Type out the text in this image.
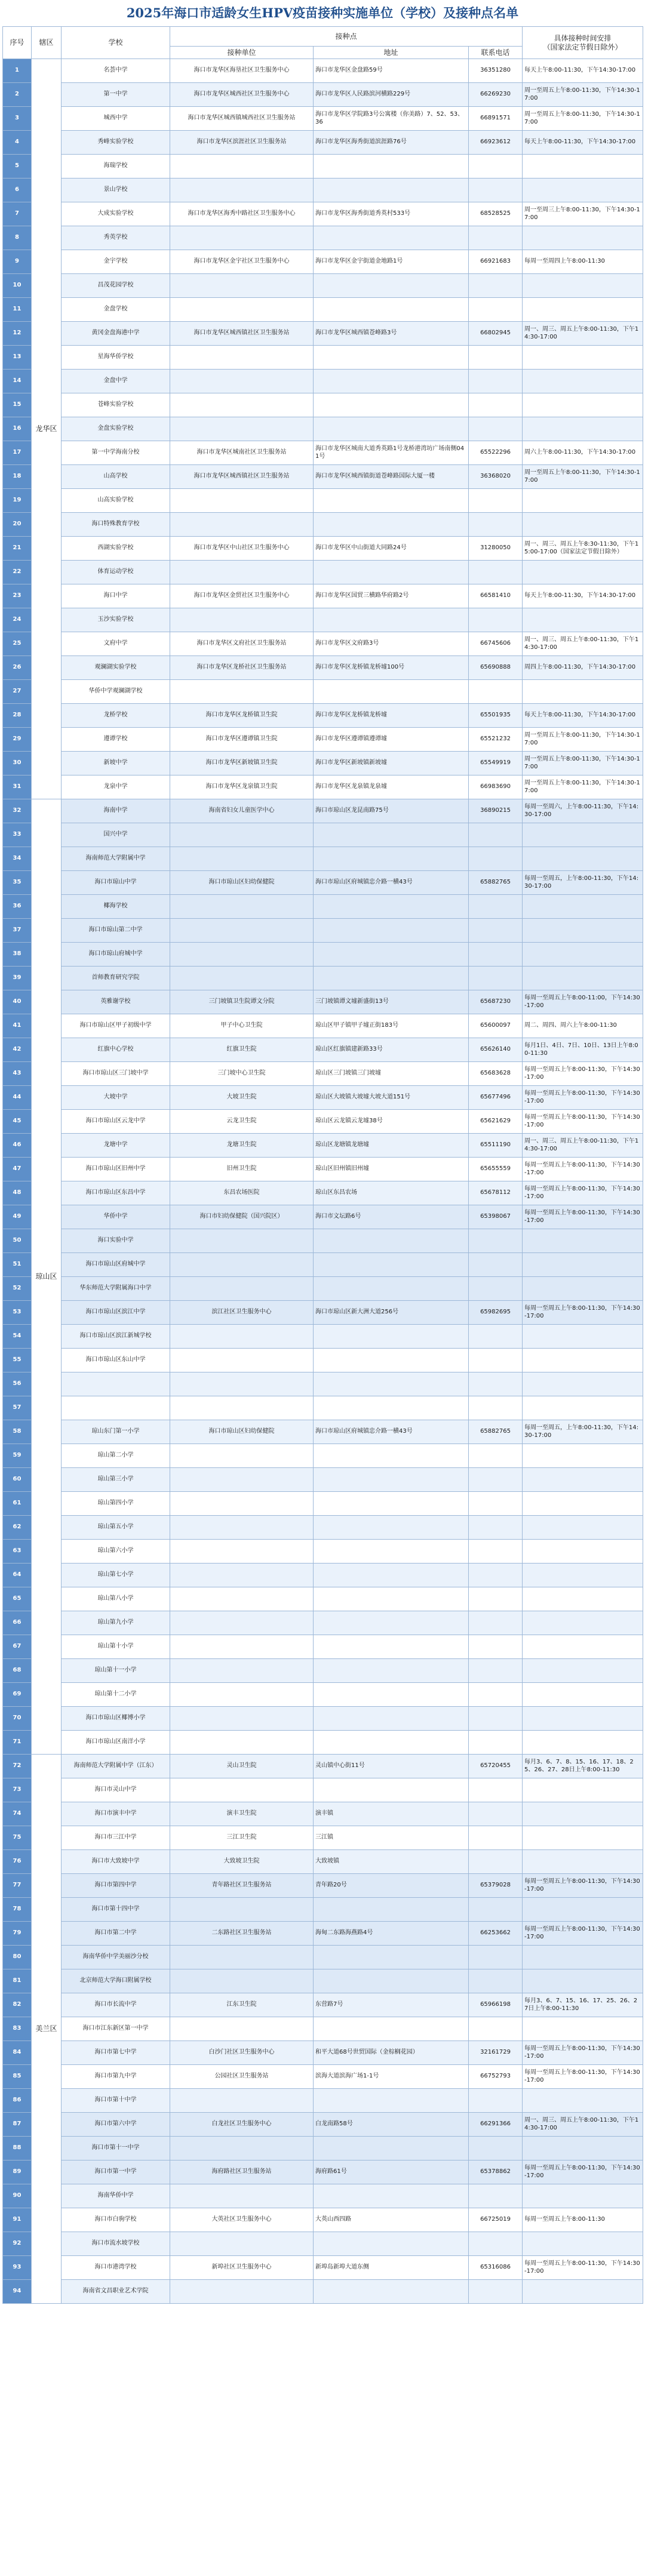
2025年海口市适龄女生HPV疫苗接种实施单位（学校）及接种点名单
序号	辖区	学校	接种点			具体接种时间安排
（国家法定节假日除外）

			接种单位	地址	联系电话	
1	龙华区	名荟中学	海口市龙华区海垦社区卫生服务中心	海口市龙华区金盘路59号	36351280	每天上午8:00-11:30，下午14:30-17:00
2		第一中学	海口市龙华区城西社区卫生服务中心	海口市龙华区人民路滨河横路229号	66269230	周一至周五上午8:00-11:30，下午14:30-17:00
3		城西中学	海口市龙华区城西镇城西社区卫生服务站	海口市龙华区学院路3号公寓楼（你美路）7、52、53、36	66891571	周一至周五上午8:00-11:30，下午14:30-17:00
4		秀峰实验学校	海口市龙华区滨涯社区卫生服务站	海口市龙华区海秀街道滨涯路76号	66923612	每天上午8:00-11:30，下午14:30-17:00
5		海瑞学校				
6		景山学校				
7		大成实验学校	海口市龙华区海秀中路社区卫生服务中心	海口市龙华区海秀街道秀英村533号	68528525	周一至周三上午8:00-11:30，下午14:30-17:00
8		秀英学校				
9		金宇学校	海口市龙华区金宇社区卫生服务中心	海口市龙华区金宇街道金地路1号	66921683	每周一至周四上午8:00-11:30
10		昌茂花园学校				
11		金盘学校				
12		黄冈金盘海港中学	海口市龙华区城西镇社区卫生服务站	海口市龙华区城西镇苍峰路3号	66802945	周一、周三、周五上午8:00-11:30，下午14:30-17:00
13		星海华侨学校				
14		金盘中学				
15		苍峰实验学校				
16		金盘实验学校				
17		第一中学海南分校	海口市龙华区城南社区卫生服务站	海口市龙华区城南大道秀英路1号龙桥港湾坊广场南侧041号	65522296	周六上午8:00-11:30，下午14:30-17:00
18		山高学校	海口市龙华区城西镇社区卫生服务站	海口市龙华区城西镇街道苍峰路国际大厦一楼	36368020	周一至周五上午8:00-11:30，下午14:30-17:00
19		山高实验学校				
20		海口特殊教育学校				
21		西湖实验学校	海口市龙华区中山社区卫生服务中心	海口市龙华区中山街道大同路24号	31280050	周一、周三、周五上午8:30-11:30，下午15:00-17:00（国家法定节假日除外）
22		体育运动学校				
23		海口中学	海口市龙华区金贸社区卫生服务中心	海口市龙华区国贸三横路华府路2号	66581410	每天上午8:00-11:30，下午14:30-17:00
24		玉沙实验学校				
25		文府中学	海口市龙华区文府社区卫生服务站	海口市龙华区文府路3号	66745606	周一、周三、周五上午8:00-11:30，下午14:30-17:00
26		观澜湖实验学校	海口市龙华区龙桥社区卫生服务站	海口市龙华区龙桥镇龙桥墟100号	65690888	周四上午8:00-11:30，下午14:30-17:00
27		华侨中学观澜湖学校				
28		龙桥学校	海口市龙华区龙桥镇卫生院	海口市龙华区龙桥镇龙桥墟	65501935	每天上午8:00-11:30，下午14:30-17:00
29		遵谭学校	海口市龙华区遵谭镇卫生院	海口市龙华区遵谭镇遵谭墟	65521232	周一至周五上午8:00-11:30，下午14:30-17:00
30		新坡中学	海口市龙华区新坡镇卫生院	海口市龙华区新坡镇新坡墟	65549919	周一至周五上午8:00-11:30，下午14:30-17:00
31		龙泉中学	海口市龙华区龙泉镇卫生院	海口市龙华区龙泉镇龙泉墟	66983690	周一至周五上午8:00-11:30，下午14:30-17:00
32	琼山区	海南中学	海南省妇女儿童医学中心	海口市琼山区龙昆南路75号	36890215	每周一至周六，上午8:00-11:30，下午14:30-17:00
33		国兴中学				
34		海南师范大学附属中学				
35		海口市琼山中学	海口市琼山区妇幼保健院	海口市琼山区府城镇忠介路一横43号	65882765	每周一至周五，上午8:00-11:30，下午14:30-17:00
36		椰海学校				
37		海口市琼山第二中学				
38		海口市琼山府城中学				
39		首师教育研究学院				
40		英雅谢学校	三门坡镇卫生院谭文分院	三门坡镇谭文墟新盛街13号	65687230	每周一至周五上午8:00-11:00，下午14:30-17:00
41		海口市琼山区甲子初级中学	甲子中心卫生院	琼山区甲子镇甲子墟正街183号	65600097	周二、周四、周六上午8:00-11:30
42		红旗中心学校	红旗卫生院	琼山区红旗镇建新路33号	65626140	每月1日、4日、7日、10日、13日上午8:00-11:30
43		海口市琼山区三门坡中学	三门坡中心卫生院	琼山区三门坡镇三门坡墟	65683628	每周一至周五上午8:00-11:30，下午14:30-17:00
44		大坡中学	大坡卫生院	琼山区大坡镇大坡墟大坡大道151号	65677496	每周一至周五上午8:00-11:30，下午14:30-17:00
45		海口市琼山区云龙中学	云龙卫生院	琼山区云龙镇云龙墟38号	65621629	每周一至周五上午8:00-11:30，下午14:30-17:00
46		龙塘中学	龙塘卫生院	琼山区龙塘镇龙塘墟	65511190	周一、周三、周五上午8:00-11:30，下午14:30-17:00
47		海口市琼山区旧州中学	旧州卫生院	琼山区旧州镇旧州墟	65655559	每周一至周五上午8:00-11:30，下午14:30-17:00
48		海口市琼山区东昌中学	东昌农场医院	琼山区东昌农场	65678112	每周一至周五上午8:00-11:30，下午14:30-17:00
49		华侨中学	海口市妇幼保健院（国兴院区）	海口市文坛路6号	65398067	每周一至周五上午8:00-11:30，下午14:30-17:00
50		海口实验中学				
51		海口市琼山区府城中学				
52		华东师范大学附属海口中学				
53		海口市琼山区滨江中学	滨江社区卫生服务中心	海口市琼山区新大洲大道256号	65982695	每周一至周五上午8:00-11:30，下午14:30-17:00
54		海口市琼山区滨江新城学校				
55		海口市琼山区东山中学				
56						
57						
58		琼山东门第一小学	海口市琼山区妇幼保健院	海口市琼山区府城镇忠介路一横43号	65882765	每周一至周五，上午8:00-11:30，下午14:30-17:00
59		琼山第二小学				
60		琼山第三小学				
61		琼山第四小学				
62		琼山第五小学				
63		琼山第六小学				
64		琼山第七小学				
65		琼山第八小学				
66		琼山第九小学				
67		琼山第十小学				
68		琼山第十一小学				
69		琼山第十二小学				
70		海口市琼山区椰博小学				
71		海口市琼山区南洋小学				
72	美兰区	海南师范大学附属中学（江东）	灵山卫生院	灵山镇中心街11号	65720455	每月3、6、7、8、15、16、17、18、25、26、27、28日上午8:00-11:30
73		海口市灵山中学				
74		海口市演丰中学	演丰卫生院	演丰镇		
75		海口市三江中学	三江卫生院	三江镇		
76		海口市大致坡中学	大致坡卫生院	大致坡镇		
77		海口市第四中学	青年路社区卫生服务站	青年路20号	65379028	每周一至周五上午8:00-11:30，下午14:30-17:00
78		海口市第十四中学				
79		海口市第二中学	二东路社区卫生服务站	海甸二东路海燕路4号	66253662	每周一至周五上午8:00-11:30，下午14:30-17:00
80		海南华侨中学美丽沙分校				
81		北京师范大学海口附属学校				
82		海口市长流中学	江东卫生院	东营路7号	65966198	每月3、6、7、15、16、17、25、26、27日上午8:00-11:30
83		海口市江东新区第一中学				
84		海口市第七中学	白沙门社区卫生服务中心	和平大道68号世贸国际（金棕榈花园）	32161729	每周一至周五上午8:00-11:30，下午14:30-17:00
85		海口市第九中学	公园社区卫生服务站	滨海大道滨海广场1-1号	66752793	每周一至周五上午8:00-11:30，下午14:30-17:00
86		海口市第十中学				
87		海口市第六中学	白龙社区卫生服务中心	白龙南路58号	66291366	周一、周三、周五上午8:00-11:30，下午14:30-17:00
88		海口市第十一中学				
89		海口市第一中学	海府路社区卫生服务站	海府路61号	65378862	每周一至周五上午8:00-11:30，下午14:30-17:00
90		海南华侨中学				
91		海口市白驹学校	大英社区卫生服务中心	大英山西四路	66725019	每周一至周五上午8:00-11:30
92		海口市流水坡学校				
93		海口市港湾学校	新埠社区卫生服务中心	新埠岛新埠大道东侧	65316086	每周一至周五上午8:00-11:30，下午14:30-17:00
94		海南省文昌职业艺术学院				
